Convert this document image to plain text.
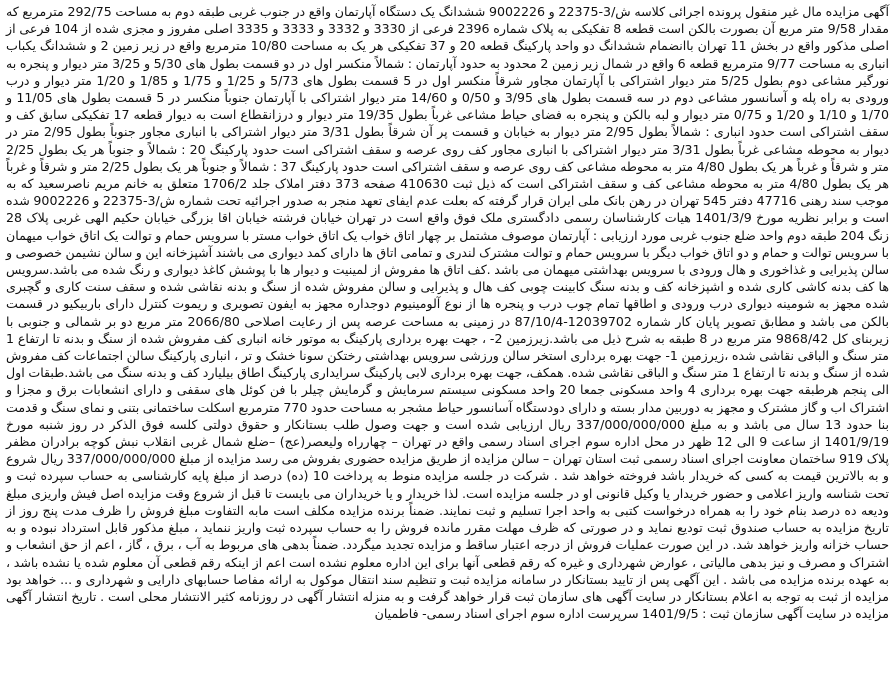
آگهی مزایده مال غیر منقول پرونده اجرائی کلاسه ش/3-22375 و 9002226 ششدانگ یک دستگاه آپارتمان واقع در جنوب غربی طبقه دوم به مساحت 292/75 مترمربع که مقدار 9/58 متر مربع آن بصورت بالکن است قطعه 8 تفکیکی به پلاک شماره 2396 فرعی از 3330 و 3332 و 3333 و 3335 اصلی مفروز و مجزی شده از 104 فرعی از اصلی مذکور واقع در بخش 11 تهران باانضمام ششدانگ دو واحد پارکینگ قطعه 20 و 37 تفکیکی هر یک به مساحت 10/80 مترمربع واقع در زیر زمین 2 و ششدانگ یکباب انباری به مساحت 9/77 مترمربع قطعه 6 واقع در شمال زیر زمین 2 محدود به حدود آپارتمان : شمالاً منکسر اول در دو قسمت بطول های 5/30 و 3/25 متر دیوار و پنجره به نورگیر مشاعی دوم بطول 5/25 متر دیوار اشتراکی با آپارتمان مجاور شرقاً منکسر اول در 5 قسمت بطول های 5/73 و 1/25 و 1/75 و 1/85 و 1/20 متر دیوار و درب ورودی به راه پله و آسانسور مشاعی دوم در سه قسمت بطول های 3/95 و 0/50 و 14/60 متر دیوار اشتراکی با آپارتمان جنوباً منکسر در 5 قسمت بطول های 11/05 و 1/70 و 1/10 و 1/20 و 0/75 متر دیوار و لبه بالکن و پنجره به فضای حیاط مشاعی غرباً بطول 19/35 متر دیوار و درزانقطاع است به دیوار قطعه 17 تفکیکی سابق کف و سقف اشتراکی است حدود انباری : شمالاً بطول 2/95 متر دیوار به خیابان و قسمت پر آن شرقاً بطول 3/31 متر دیوار اشتراکی با انباری مجاور جنوباً بطول 2/95 متر در دیوار به محوطه مشاعی غرباً بطول 3/31 متر دیوار اشتراکی با انباری مجاور کف روی عرصه و سقف اشتراکی است حدود پارکینگ 20 : شمالاً و جنوباً هر یک بطول 2/25 متر و شرقاً و غرباً هر یک بطول 4/80 متر به محوطه مشاعی کف روی عرصه و سقف اشتراکی است حدود پارکینگ 37 : شمالاً و جنوباً هر یک بطول 2/25 متر و شرقاً و غرباً هر یک بطول 4/80 متر به محوطه مشاعی کف و سقف اشتراکی است که ذیل ثبت 410630 صفحه 373 دفتر املاک جلد 1706/2 متعلق به خانم مریم ناصرسعید که به موجب سند رهنی 47716 دفتر 545 تهران در رهن بانک ملی ایران قرار گرفته که بعلت عدم ایفای تعهد منجر به صدور اجرائیه تحت شماره ش/3-22375 و 9002226 شده است و برابر نظریه مورخ 1401/3/9 هیات کارشناسان رسمی دادگستری ملک فوق واقع است در تهران خیابان فرشته خیابان اقا بزرگی خیابان حکیم الهی غربی پلاک 28 زنگ 204 طبقه دوم واحد ضلع جنوب غربی مورد ارزیابی : آپارتمان موصوف مشتمل بر چهار اتاق خواب یک اتاق خواب مستر با سرویس حمام و توالت یک اتاق خواب میهمان با سرویس توالت و حمام و دو اتاق خواب دیگر با سرویس حمام و توالت مشترک لندری و تمامی اتاق ها دارای کمد دیواری می باشند آشپزخانه این و سالن نشیمن خصوصی و سالن پذیرایی و غذاخوری و هال ورودی با سرویس بهداشتی میهمان می باشد .کف اتاق ها مفروش از لمینیت و دیوار ها با پوشش کاغذ دیواری و رنگ شده می باشد.سرویس ها کف بدنه کاشی کاری شده و اشپزخانه کف و بدنه سنگ کابینت چوبی کف هال و پذیرایی و سالن مفروش شده از سنگ و بدنه نقاشی شده و سقف سنت کاری و گچبری شده مجهز به شومینه دیواری درب ورودی و اطاقها تمام چوب درب و پنجره ها از نوع آلومینیوم دوجداره مجهز به ایفون تصویری و ریموت کنترل دارای باربیکیو در قسمت بالکن می باشد و مطابق تصویر پایان کار شماره 12039702-87/10/4 در زمینی به مساحت عرصه پس از رعایت اصلاحی 2066/80 متر مربع دو بر شمالی و جنوبی با زیربنای کل 9868/42 متر مربع در 8 طبقه به شرح ذیل می باشد.زیرزمین 2- ، جهت بهره برداری پارکینگ به موتور خانه انباری کف مفروش شده از سنگ و بدنه تا ارتفاع 1 متر سنگ و الباقی نقاشی شده ،زیرزمین 1- جهت بهره برداری استخر سالن ورزشی سرویس بهداشتی رختکن سونا خشک و تر ، انباری پارکینگ سالن اجتماعات کف مفروش شده از سنگ و بدنه تا ارتفاع 1 متر سنگ و الباقی نقاشی شده. همکف، جهت بهره برداری لابی پارکینگ سرایداری پارکینگ اطاق بیلیارد کف و بدنه سنگ می باشد.طبقات اول الی پنجم هرطبقه جهت بهره برداری 4 واحد مسکونی جمعا 20 واحد مسکونی سیستم سرمایش و گرمایش چیلر با فن کوئل های سقفی و دارای انشعابات برق و مجزا و اشتراک اب و گاز مشترک و مجهز به دوربین مدار بسته و دارای دودستگاه آسانسور حیاط مشجر به مساحت حدود 770 مترمربع اسکلت ساختمانی بتنی و نمای سنگ و قدمت بنا حدود 13 سال می باشد و به مبلغ 337/000/000/000 ریال ارزیابی شده است و جهت وصول طلب بستانکار و حقوق دولتی کلسه فوق الذکر در روز شنبه مورخ 1401/9/19 از ساعت 9 الی 12 ظهر در محل اداره سوم اجرای اسناد رسمی واقع در تهران – چهارراه ولیعصر(عج) –ضلع شمال غربی انقلاب نبش کوچه برادران مظفر پلاک 919 ساختمان معاونت اجرای اسناد رسمی ثبت استان تهران – سالن مزایده از طریق مزایده حضوری بفروش می رسد مزایده از مبلغ 337/000/000/000 ریال شروع و به بالاترین قیمت به کسی که خریدار باشد فروخته خواهد شد . شرکت در جلسه مزایده منوط به پرداخت 10 (ده) درصد از مبلغ پایه کارشناسی به حساب سپرده ثبت و تحت شناسه واریز اعلامی و حضور خریدار یا وکیل قانونی او در جلسه مزایده است. لذا خریدار و یا خریداران می بایست تا قبل از شروع وقت مزایده اصل فیش واریزی مبلغ ودیعه ده درصد بنام خود را به همراه درخواست کتبی به واحد اجرا تسلیم و ثبت نمایند. ضمناً برنده مزایده مکلف است مابه التفاوت مبلغ فروش را ظرف مدت پنج روز از تاریخ مزایده به حساب صندوق ثبت تودیع نماید و در صورتی که ظرف مهلت مقرر مانده فروش را به حساب سپرده ثبت واریز ننماید ، مبلغ مذکور قابل استرداد نبوده و به حساب خزانه واریز خواهد شد. در این صورت عملیات فروش از درجه اعتبار ساقط و مزایده تجدید میگردد. ضمناً بدهی های مربوط به آب ، برق ، گاز ، اعم از حق انشعاب و اشتراک و مصرف و نیز بدهی مالیاتی ، عوارض شهرداری و غیره که رقم قطعی آنها برای این اداره معلوم نشده است اعم از اینکه رقم قطعی آن معلوم شده یا نشده باشد ، به عهده برنده مزایده می باشد . این آگهی پس از تایید بستانکار در سامانه مزایده ثبت و تنظیم سند انتقال موکول به ارائه مفاصا حسابهای دارایی و شهرداری و ... خواهد بود مزایده از ثبت به توجه به اعلام بستانکار در سایت آگهی های سازمان ثبت قرار خواهد گرفت و به منزله انتشار آگهی در روزنامه کثیر الانتشار محلی است . تاریخ انتشار آگهی مزایده در سایت آگهی سازمان ثبت : 1401/9/5 سرپرست اداره سوم اجرای اسناد رسمی- فاطمیان
